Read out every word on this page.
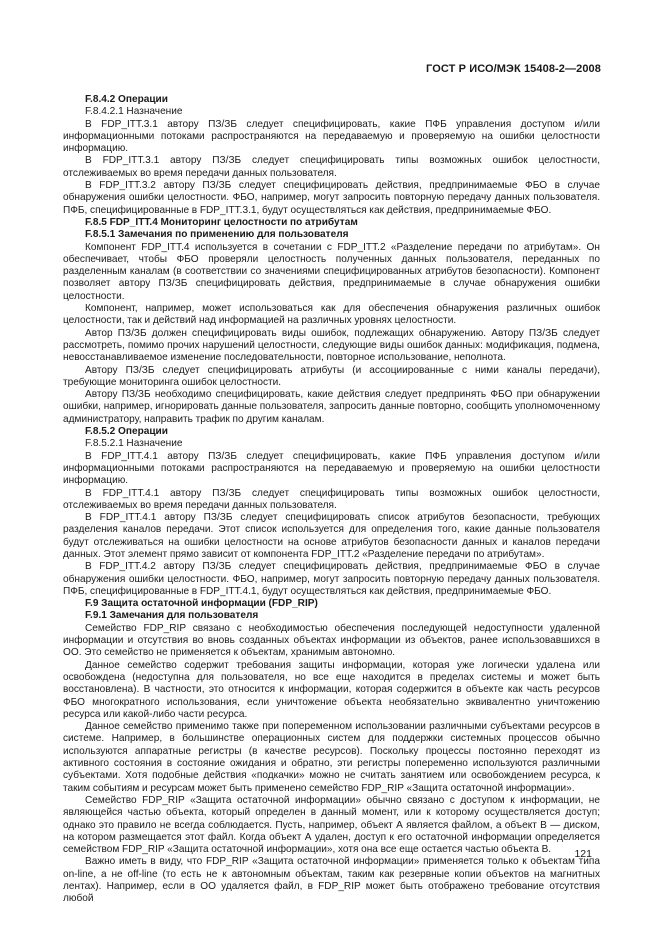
ГОСТ Р ИСО/МЭК 15408-2—2008

F.8.4.2 Операции

F.8.4.2.1 Назначение

В FDP_ITT.3.1 автору ПЗ/ЗБ следует специфицировать, какие ПФБ управления доступом и/или информационными потоками распространяются на передаваемую и проверяемую на ошибки целостности информацию.

В FDP_ITT.3.1 автору ПЗ/ЗБ следует специфицировать типы возможных ошибок целостности, отслеживаемых во время передачи данных пользователя.

В FDP_ITT.3.2 автору ПЗ/ЗБ следует специфицировать действия, предпринимаемые ФБО в случае обнаружения ошибки целостности. ФБО, например, могут запросить повторную передачу данных пользователя. ПФБ, специфицированные в FDP_ITT.3.1, будут осуществляться как действия, предпринимаемые ФБО.

F.8.5 FDP_ITT.4 Мониторинг целостности по атрибутам

F.8.5.1 Замечания по применению для пользователя

Компонент FDP_ITT.4 используется в сочетании с FDP_ITT.2 «Разделение передачи по атрибутам». Он обеспечивает, чтобы ФБО проверяли целостность полученных данных пользователя, переданных по разделенным каналам (в соответствии со значениями специфицированных атрибутов безопасности). Компонент позволяет автору ПЗ/ЗБ специфицировать действия, предпринимаемые в случае обнаружения ошибки целостности.

Компонент, например, может использоваться как для обеспечения обнаружения различных ошибок целостности, так и действий над информацией на различных уровнях целостности.

Автор ПЗ/ЗБ должен специфицировать виды ошибок, подлежащих обнаружению. Автору ПЗ/ЗБ следует рассмотреть, помимо прочих нарушений целостности, следующие виды ошибок данных: модификация, подмена, невосстанавливаемое изменение последовательности, повторное использование, неполнота.

Автору ПЗ/ЗБ следует специфицировать атрибуты (и ассоциированные с ними каналы передачи), требующие мониторинга ошибок целостности.

Автору ПЗ/ЗБ необходимо специфицировать, какие действия следует предпринять ФБО при обнаружении ошибки, например, игнорировать данные пользователя, запросить данные повторно, сообщить уполномоченному администратору, направить трафик по другим каналам.

F.8.5.2 Операции

F.8.5.2.1 Назначение

В FDP_ITT.4.1 автору ПЗ/ЗБ следует специфицировать, какие ПФБ управления доступом и/или информационными потоками распространяются на передаваемую и проверяемую на ошибки целостности информацию.

В FDP_ITT.4.1 автору ПЗ/ЗБ следует специфицировать типы возможных ошибок целостности, отслеживаемых во время передачи данных пользователя.

В FDP_ITT.4.1 автору ПЗ/ЗБ следует специфицировать список атрибутов безопасности, требующих разделения каналов передачи. Этот список используется для определения того, какие данные пользователя будут отслеживаться на ошибки целостности на основе атрибутов безопасности данных и каналов передачи данных. Этот элемент прямо зависит от компонента FDP_ITT.2 «Разделение передачи по атрибутам».

В FDP_ITT.4.2 автору ПЗ/ЗБ следует специфицировать действия, предпринимаемые ФБО в случае обнаружения ошибки целостности. ФБО, например, могут запросить повторную передачу данных пользователя. ПФБ, специфицированные в FDP_ITT.4.1, будут осуществляться как действия, предпринимаемые ФБО.

F.9 Защита остаточной информации (FDP_RIP)

F.9.1 Замечания для пользователя

Семейство FDP_RIP связано с необходимостью обеспечения последующей недоступности удаленной информации и отсутствия во вновь созданных объектах информации из объектов, ранее использовавшихся в ОО. Это семейство не применяется к объектам, хранимым автономно.

Данное семейство содержит требования защиты информации, которая уже логически удалена или освобождена (недоступна для пользователя, но все еще находится в пределах системы и может быть восстановлена). В частности, это относится к информации, которая содержится в объекте как часть ресурсов ФБО многократного использования, если уничтожение объекта необязательно эквивалентно уничтожению ресурса или какой-либо части ресурса.

Данное семейство применимо также при попеременном использовании различными субъектами ресурсов в системе. Например, в большинстве операционных систем для поддержки системных процессов обычно используются аппаратные регистры (в качестве ресурсов). Поскольку процессы постоянно переходят из активного состояния в состояние ожидания и обратно, эти регистры попеременно используются различными субъектами. Хотя подобные действия «подкачки» можно не считать занятием или освобождением ресурса, к таким событиям и ресурсам может быть применено семейство FDP_RIP «Защита остаточной информации».

Семейство FDP_RIP «Защита остаточной информации» обычно связано с доступом к информации, не являющейся частью объекта, который определен в данный момент, или к которому осуществляется доступ; однако это правило не всегда соблюдается. Пусть, например, объект А является файлом, а объект В — диском, на котором размещается этот файл. Когда объект А удален, доступ к его остаточной информации определяется семейством FDP_RIP «Защита остаточной информации», хотя она все еще остается частью объекта В.

Важно иметь в виду, что FDP_RIP «Защита остаточной информации» применяется только к объектам типа on-line, а не off-line (то есть не к автономным объектам, таким как резервные копии объектов на магнитных лентах). Например, если в ОО удаляется файл, в FDP_RIP может быть отображено требование отсутствия любой

121
